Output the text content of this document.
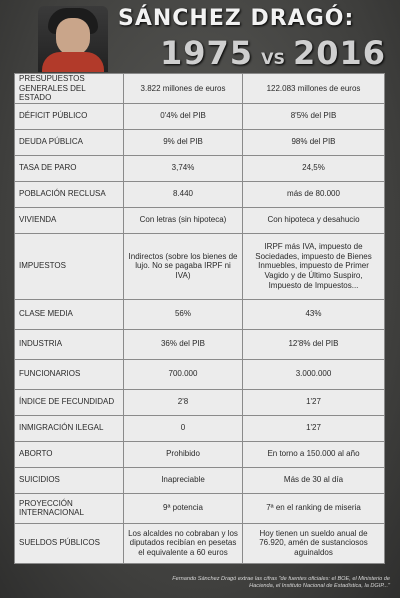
SÁNCHEZ DRAGÓ:
1975 VS 2016
PRESUPUESTOS GENERALES DEL ESTADO	3.822 millones de euros	122.083 millones de euros
DÉFICIT PÚBLICO	0'4% del PIB	8'5% del PIB
DEUDA PÚBLICA	9% del PIB	98% del PIB
TASA DE PARO	3,74%	24,5%
POBLACIÓN RECLUSA	8.440	más de 80.000
VIVIENDA	Con letras (sin hipoteca)	Con hipoteca y desahucio
IMPUESTOS	Indirectos (sobre los bienes de lujo. No se pagaba IRPF ni IVA)	IRPF más IVA, impuesto de Sociedades, impuesto de Bienes Inmuebles, impuesto de Primer Vagido y de Último Suspiro, Impuesto de Impuestos...
CLASE MEDIA	56%	43%
INDUSTRIA	36% del PIB	12'8% del PIB
FUNCIONARIOS	700.000	3.000.000
ÍNDICE DE FECUNDIDAD	2'8	1'27
INMIGRACIÓN ILEGAL	0	1'27
ABORTO	Prohibido	En torno a 150.000 al año
SUICIDIOS	Inapreciable	Más de 30 al día
PROYECCIÓN INTERNACIONAL	9ª potencia	7ª en el ranking de miseria
SUELDOS PÚBLICOS	Los alcaldes no cobraban y los diputados recibían en pesetas el equivalente a 60 euros	Hoy tienen un sueldo anual de 76.920, amén de sustanciosos aguinaldos
Fernando Sánchez Dragó extrae las cifras "de fuentes oficiales: el BOE, el Ministerio de Hacienda, el Instituto Nacional de Estadística, la DGIP..."
